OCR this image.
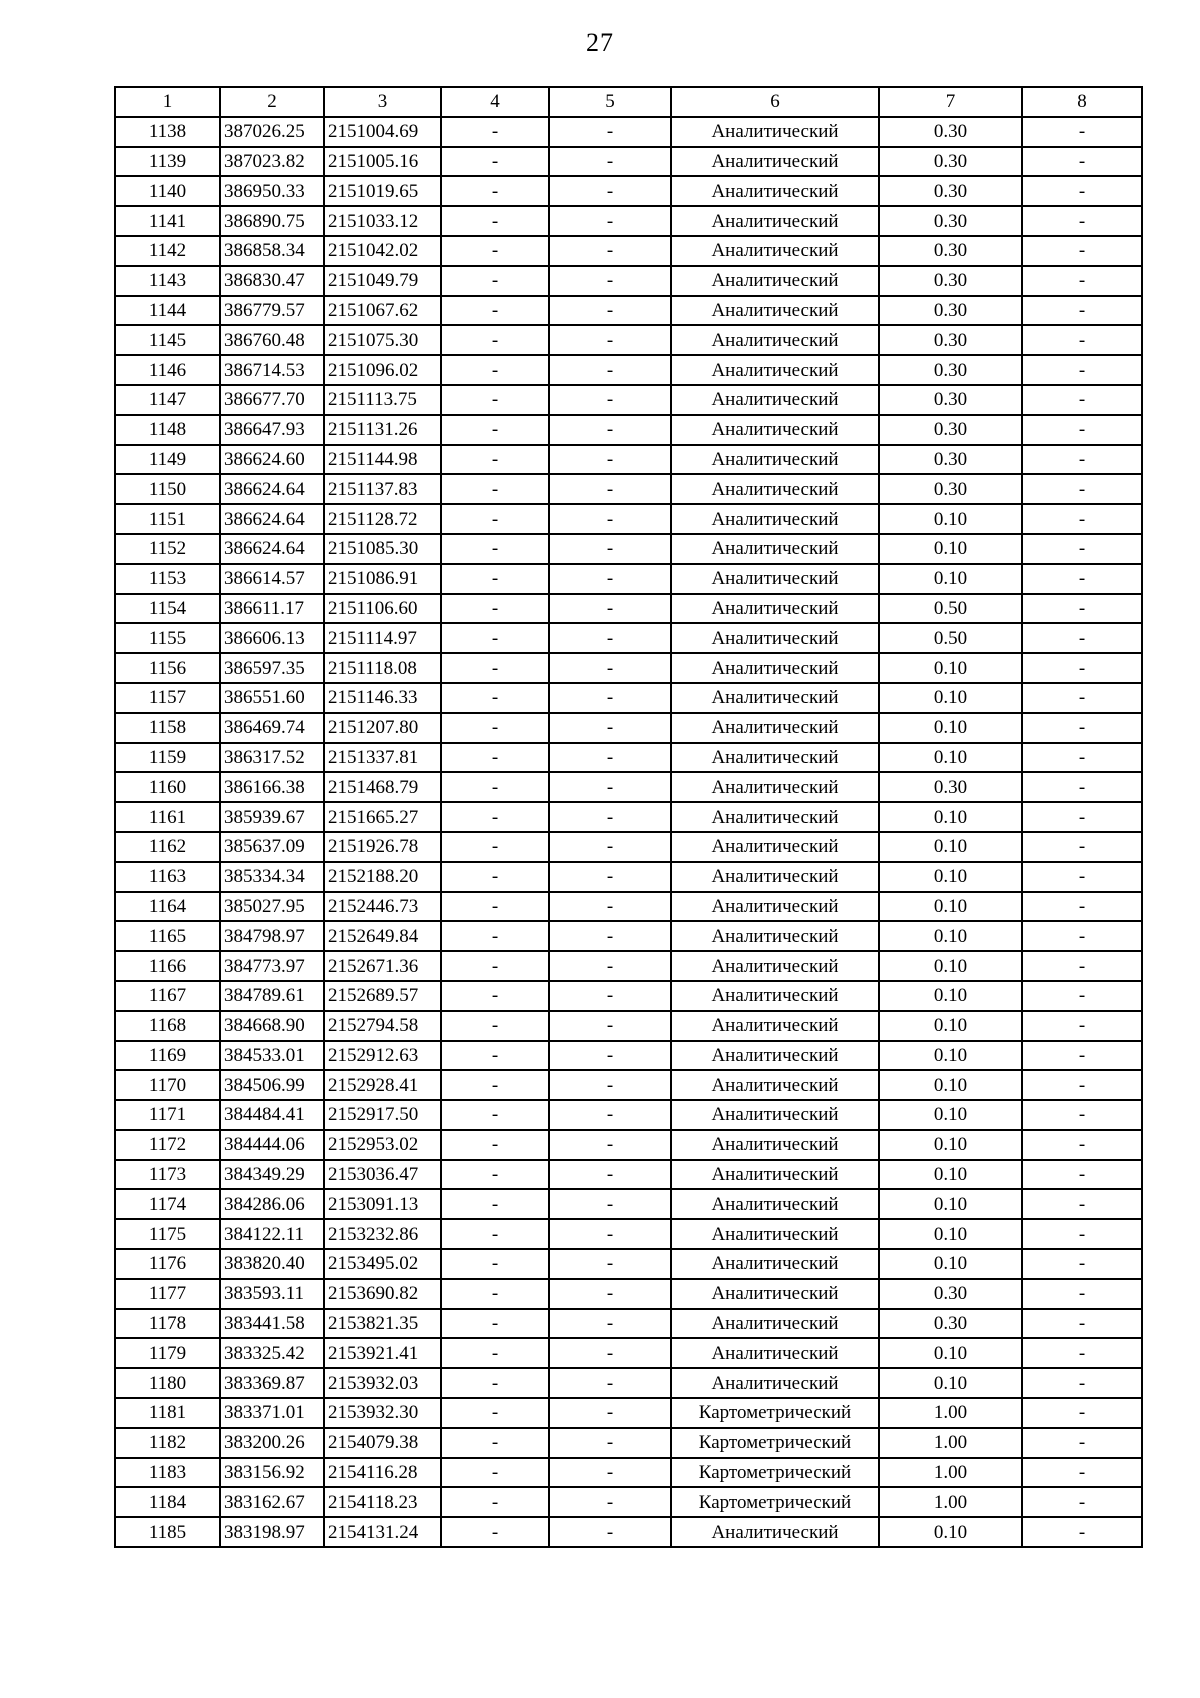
27
1	2	3	4	5	6	7	8
1138	387026.25	2151004.69	-	-	Аналитический	0.30	-
1139	387023.82	2151005.16	-	-	Аналитический	0.30	-
1140	386950.33	2151019.65	-	-	Аналитический	0.30	-
1141	386890.75	2151033.12	-	-	Аналитический	0.30	-
1142	386858.34	2151042.02	-	-	Аналитический	0.30	-
1143	386830.47	2151049.79	-	-	Аналитический	0.30	-
1144	386779.57	2151067.62	-	-	Аналитический	0.30	-
1145	386760.48	2151075.30	-	-	Аналитический	0.30	-
1146	386714.53	2151096.02	-	-	Аналитический	0.30	-
1147	386677.70	2151113.75	-	-	Аналитический	0.30	-
1148	386647.93	2151131.26	-	-	Аналитический	0.30	-
1149	386624.60	2151144.98	-	-	Аналитический	0.30	-
1150	386624.64	2151137.83	-	-	Аналитический	0.30	-
1151	386624.64	2151128.72	-	-	Аналитический	0.10	-
1152	386624.64	2151085.30	-	-	Аналитический	0.10	-
1153	386614.57	2151086.91	-	-	Аналитический	0.10	-
1154	386611.17	2151106.60	-	-	Аналитический	0.50	-
1155	386606.13	2151114.97	-	-	Аналитический	0.50	-
1156	386597.35	2151118.08	-	-	Аналитический	0.10	-
1157	386551.60	2151146.33	-	-	Аналитический	0.10	-
1158	386469.74	2151207.80	-	-	Аналитический	0.10	-
1159	386317.52	2151337.81	-	-	Аналитический	0.10	-
1160	386166.38	2151468.79	-	-	Аналитический	0.30	-
1161	385939.67	2151665.27	-	-	Аналитический	0.10	-
1162	385637.09	2151926.78	-	-	Аналитический	0.10	-
1163	385334.34	2152188.20	-	-	Аналитический	0.10	-
1164	385027.95	2152446.73	-	-	Аналитический	0.10	-
1165	384798.97	2152649.84	-	-	Аналитический	0.10	-
1166	384773.97	2152671.36	-	-	Аналитический	0.10	-
1167	384789.61	2152689.57	-	-	Аналитический	0.10	-
1168	384668.90	2152794.58	-	-	Аналитический	0.10	-
1169	384533.01	2152912.63	-	-	Аналитический	0.10	-
1170	384506.99	2152928.41	-	-	Аналитический	0.10	-
1171	384484.41	2152917.50	-	-	Аналитический	0.10	-
1172	384444.06	2152953.02	-	-	Аналитический	0.10	-
1173	384349.29	2153036.47	-	-	Аналитический	0.10	-
1174	384286.06	2153091.13	-	-	Аналитический	0.10	-
1175	384122.11	2153232.86	-	-	Аналитический	0.10	-
1176	383820.40	2153495.02	-	-	Аналитический	0.10	-
1177	383593.11	2153690.82	-	-	Аналитический	0.30	-
1178	383441.58	2153821.35	-	-	Аналитический	0.30	-
1179	383325.42	2153921.41	-	-	Аналитический	0.10	-
1180	383369.87	2153932.03	-	-	Аналитический	0.10	-
1181	383371.01	2153932.30	-	-	Картометрический	1.00	-
1182	383200.26	2154079.38	-	-	Картометрический	1.00	-
1183	383156.92	2154116.28	-	-	Картометрический	1.00	-
1184	383162.67	2154118.23	-	-	Картометрический	1.00	-
1185	383198.97	2154131.24	-	-	Аналитический	0.10	-
